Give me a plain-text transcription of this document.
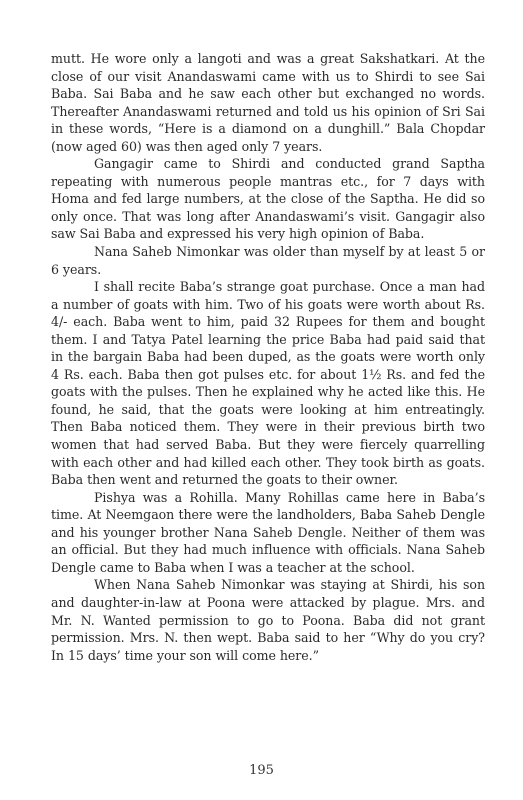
mutt. He wore only a langoti and was a great Sakshatkari. At the close of our visit Anandaswami came with us to Shirdi to see Sai Baba. Sai Baba and he saw each other but exchanged no words. Thereafter Anandaswami returned and told us his opinion of Sri Sai in these words, “Here is a diamond on a dunghill.” Bala Chopdar (now aged 60) was then aged only 7 years.

Gangagir came to Shirdi and conducted grand Saptha repeating with numerous people mantras etc., for 7 days with Homa and fed large numbers, at the close of the Saptha. He did so only once. That was long after Anandaswami’s visit. Gangagir also saw Sai Baba and expressed his very high opinion of Baba.

Nana Saheb Nimonkar was older than myself by at least 5 or 6 years.

I shall recite Baba’s strange goat purchase. Once a man had a number of goats with him. Two of his goats were worth about Rs. 4/- each. Baba went to him, paid 32 Rupees for them and bought them. I and Tatya Patel learning the price Baba had paid said that in the bargain Baba had been duped, as the goats were worth only 4 Rs. each. Baba then got pulses etc. for about 1½ Rs. and fed the goats with the pulses. Then he explained why he acted like this. He found, he said, that the goats were looking at him entreatingly. Then Baba noticed them. They were in their previous birth two women that had served Baba. But they were fiercely quarrelling with each other and had killed each other. They took birth as goats. Baba then went and returned the goats to their owner.

Pishya was a Rohilla. Many Rohillas came here in Baba’s time. At Neemgaon there were the landholders, Baba Saheb Dengle and his younger brother Nana Saheb Dengle. Neither of them was an official. But they had much influence with officials. Nana Saheb Dengle came to Baba when I was a teacher at the school.

When Nana Saheb Nimonkar was staying at Shirdi, his son and daughter-in-law at Poona were attacked by plague. Mrs. and Mr. N. Wanted permission to go to Poona. Baba did not grant permission. Mrs. N. then wept. Baba said to her “Why do you cry? In 15 days’ time your son will come here.”

195
